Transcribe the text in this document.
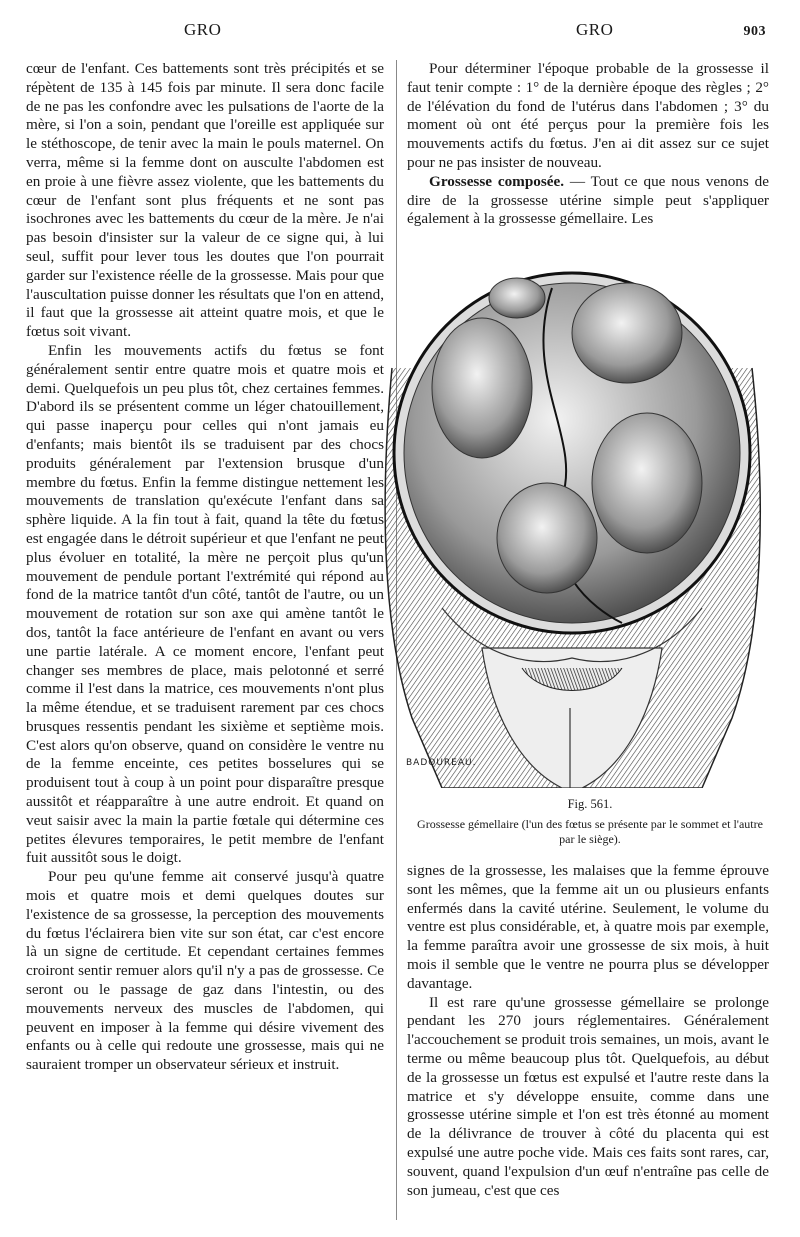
GRO	GRO	903

cœur de l'enfant. Ces battements sont très précipités et se répètent de 135 à 145 fois par minute. Il sera donc facile de ne pas les confondre avec les pulsations de l'aorte de la mère, si l'on a soin, pendant que l'oreille est appliquée sur le stéthoscope, de tenir avec la main le pouls maternel. On verra, même si la femme dont on ausculte l'abdomen est en proie à une fièvre assez violente, que les battements du cœur de l'enfant sont plus fréquents et ne sont pas isochrones avec les battements du cœur de la mère. Je n'ai pas besoin d'insister sur la valeur de ce signe qui, à lui seul, suffit pour lever tous les doutes que l'on pourrait garder sur l'existence réelle de la grossesse. Mais pour que l'auscultation puisse donner les résultats que l'on en attend, il faut que la grossesse ait atteint quatre mois, et que le fœtus soit vivant.

Enfin les mouvements actifs du fœtus se font généralement sentir entre quatre mois et quatre mois et demi. Quelquefois un peu plus tôt, chez certaines femmes. D'abord ils se présentent comme un léger chatouillement, qui passe inaperçu pour celles qui n'ont jamais eu d'enfants; mais bientôt ils se traduisent par des chocs produits généralement par l'extension brusque d'un membre du fœtus. Enfin la femme distingue nettement les mouvements de translation qu'exécute l'enfant dans sa sphère liquide. A la fin tout à fait, quand la tête du fœtus est engagée dans le détroit supérieur et que l'enfant ne peut plus évoluer en totalité, la mère ne perçoit plus qu'un mouvement de pendule portant l'extrémité qui répond au fond de la matrice tantôt d'un côté, tantôt de l'autre, ou un mouvement de rotation sur son axe qui amène tantôt le dos, tantôt la face antérieure de l'enfant en avant ou vers une partie latérale. A ce moment encore, l'enfant peut changer ses membres de place, mais pelotonné et serré comme il l'est dans la matrice, ces mouvements n'ont plus la même étendue, et se traduisent rarement par ces chocs brusques ressentis pendant les sixième et septième mois. C'est alors qu'on observe, quand on considère le ventre nu de la femme enceinte, ces petites bosselures qui se produisent tout à coup à un point pour disparaître presque aussitôt et réapparaître à une autre endroit. Et quand on veut saisir avec la main la partie fœtale qui détermine ces petites élevures temporaires, le petit membre de l'enfant fuit aussitôt sous le doigt.

Pour peu qu'une femme ait conservé jusqu'à quatre mois et quatre mois et demi quelques doutes sur l'existence de sa grossesse, la perception des mouvements du fœtus l'éclairera bien vite sur son état, car c'est encore là un signe de certitude. Et cependant certaines femmes croiront sentir remuer alors qu'il n'y a pas de grossesse. Ce seront ou le passage de gaz dans l'intestin, ou des mouvements nerveux des muscles de l'abdomen, qui peuvent en imposer à la femme qui désire vivement des enfants ou à celle qui redoute une grossesse, mais qui ne sauraient tromper un observateur sérieux et instruit.

Pour déterminer l'époque probable de la grossesse il faut tenir compte : 1° de la dernière époque des règles ; 2° de l'élévation du fond de l'utérus dans l'abdomen ; 3° du moment où ont été perçus pour la première fois les mouvements actifs du fœtus. J'en ai dit assez sur ce sujet pour ne pas insister de nouveau.

Grossesse composée. — Tout ce que nous venons de dire de la grossesse utérine simple peut s'appliquer également à la grossesse gémellaire. Les

BADOUREAU.
Fig. 561.
Grossesse gémellaire (l'un des fœtus se présente par le sommet et l'autre par le siège).

signes de la grossesse, les malaises que la femme éprouve sont les mêmes, que la femme ait un ou plusieurs enfants enfermés dans la cavité utérine. Seulement, le volume du ventre est plus considérable, et, à quatre mois par exemple, la femme paraîtra avoir une grossesse de six mois, à huit mois il semble que le ventre ne pourra plus se développer davantage.

Il est rare qu'une grossesse gémellaire se prolonge pendant les 270 jours réglementaires. Généralement l'accouchement se produit trois semaines, un mois, avant le terme ou même beaucoup plus tôt. Quelquefois, au début de la grossesse un fœtus est expulsé et l'autre reste dans la matrice et s'y développe ensuite, comme dans une grossesse utérine simple et l'on est très étonné au moment de la délivrance de trouver à côté du placenta qui est expulsé une autre poche vide. Mais ces faits sont rares, car, souvent, quand l'expulsion d'un œuf n'entraîne pas celle de son jumeau, c'est que ces
